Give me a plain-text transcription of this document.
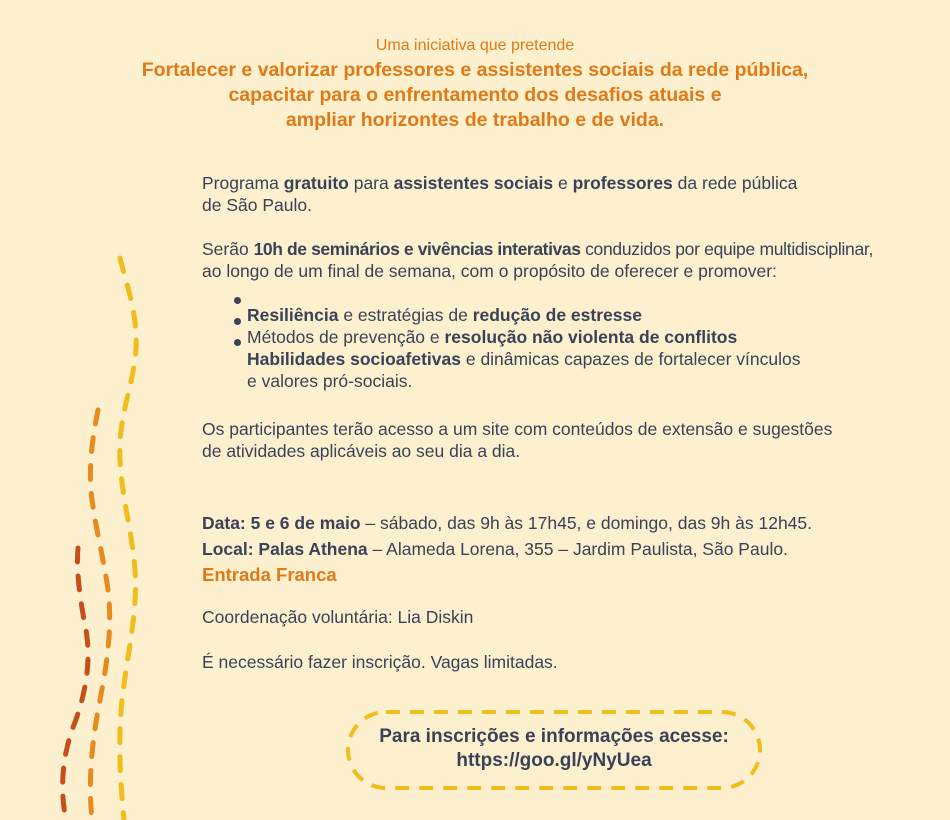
Uma iniciativa que pretende
Fortalecer e valorizar professores e assistentes sociais da rede pública,
capacitar para o enfrentamento dos desafios atuais e
ampliar horizontes de trabalho e de vida.
Programa gratuito para assistentes sociais e professores da rede pública
de São Paulo.
Serão 10h de seminários e vivências interativas conduzidos por equipe multidisciplinar,
ao longo de um final de semana, com o propósito de oferecer e promover:
Resiliência e estratégias de redução de estresse
Métodos de prevenção e resolução não violenta de conflitos
Habilidades socioafetivas e dinâmicas capazes de fortalecer vínculos
e valores pró-sociais.
Os participantes terão acesso a um site com conteúdos de extensão e sugestões
de atividades aplicáveis ao seu dia a dia.
Data: 5 e 6 de maio – sábado, das 9h às 17h45, e domingo, das 9h às 12h45.
Local: Palas Athena – Alameda Lorena, 355 – Jardim Paulista, São Paulo.
Entrada Franca
Coordenação voluntária: Lia Diskin
É necessário fazer inscrição. Vagas limitadas.
Para inscrições e informações acesse:
https://goo.gl/yNyUea
